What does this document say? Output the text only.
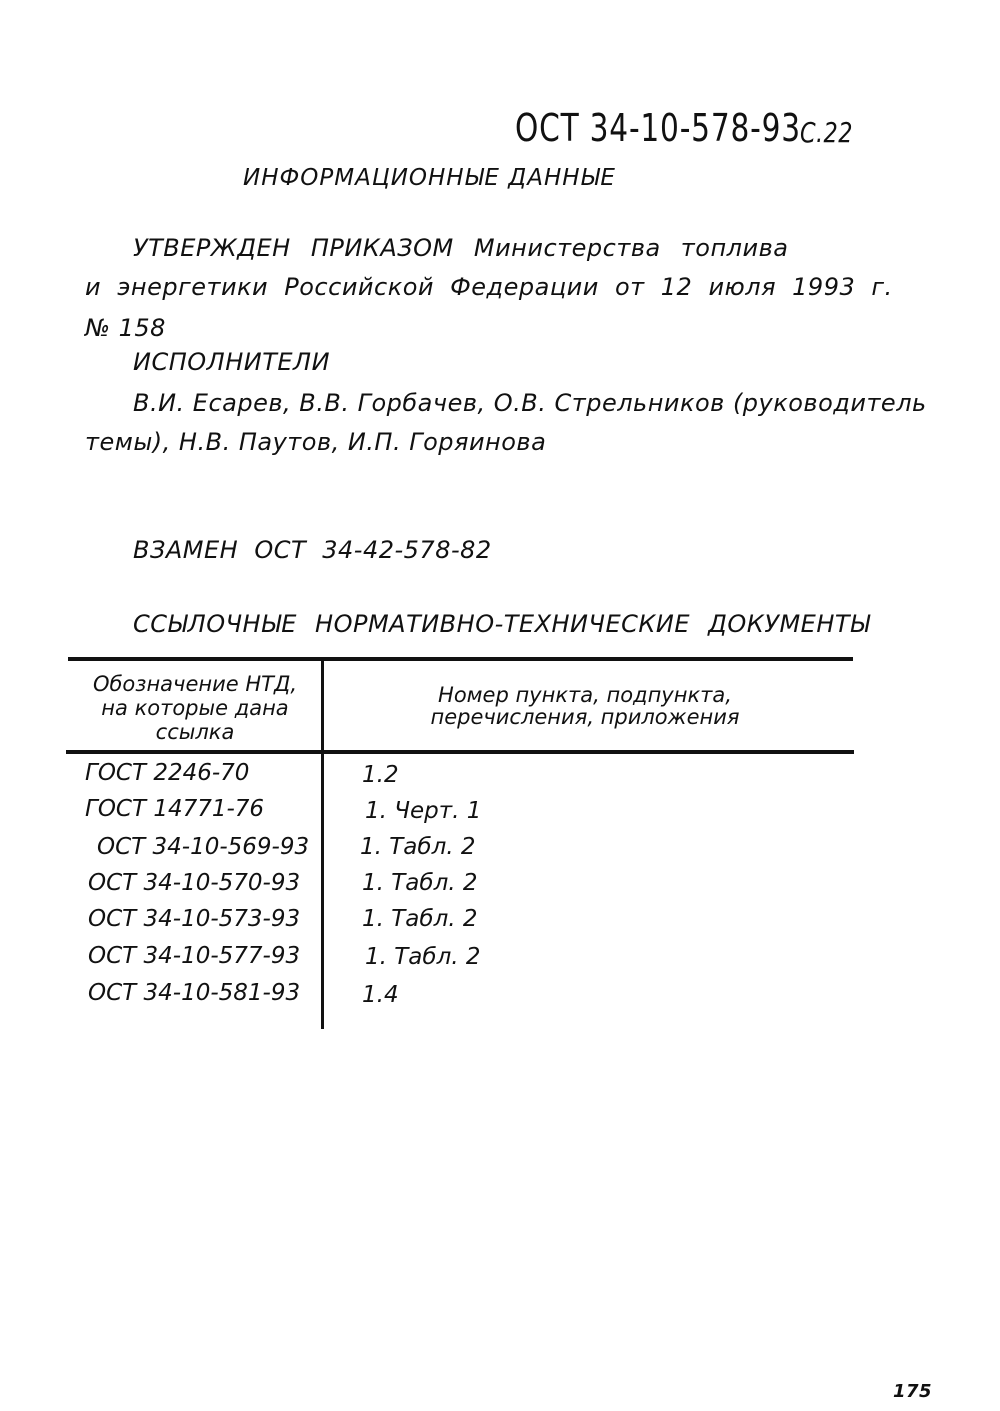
ОСТ 34-10-578-93 С.22
ИНФОРМАЦИОННЫЕ ДАННЫЕ
УТВЕРЖДЕН ПРИКАЗОМ Министерства топлива
и энергетики Российской Федерации от 12 июля 1993 г.
№ 158
ИСПОЛНИТЕЛИ
В.И. Есарев, В.В. Горбачев, О.В. Стрельников (руководитель
темы), Н.В. Паутов, И.П. Горяинова
ВЗАМЕН ОСТ 34-42-578-82
ССЫЛОЧНЫЕ НОРМАТИВНО-ТЕХНИЧЕСКИЕ ДОКУМЕНТЫ
Обозначение НТД,
на которые дана
ссылка
Номер пункта, подпункта,
перечисления, приложения
ГОСТ 2246-70	1.2
ГОСТ 14771-76	1. Черт. 1
ОСТ 34-10-569-93 1. Табл. 2
ОСТ 34-10-570-93	1. Табл. 2
ОСТ 34-10-573-93	1. Табл. 2
ОСТ 34-10-577-93	1. Табл. 2
ОСТ 34-10-581-93	1.4
175
